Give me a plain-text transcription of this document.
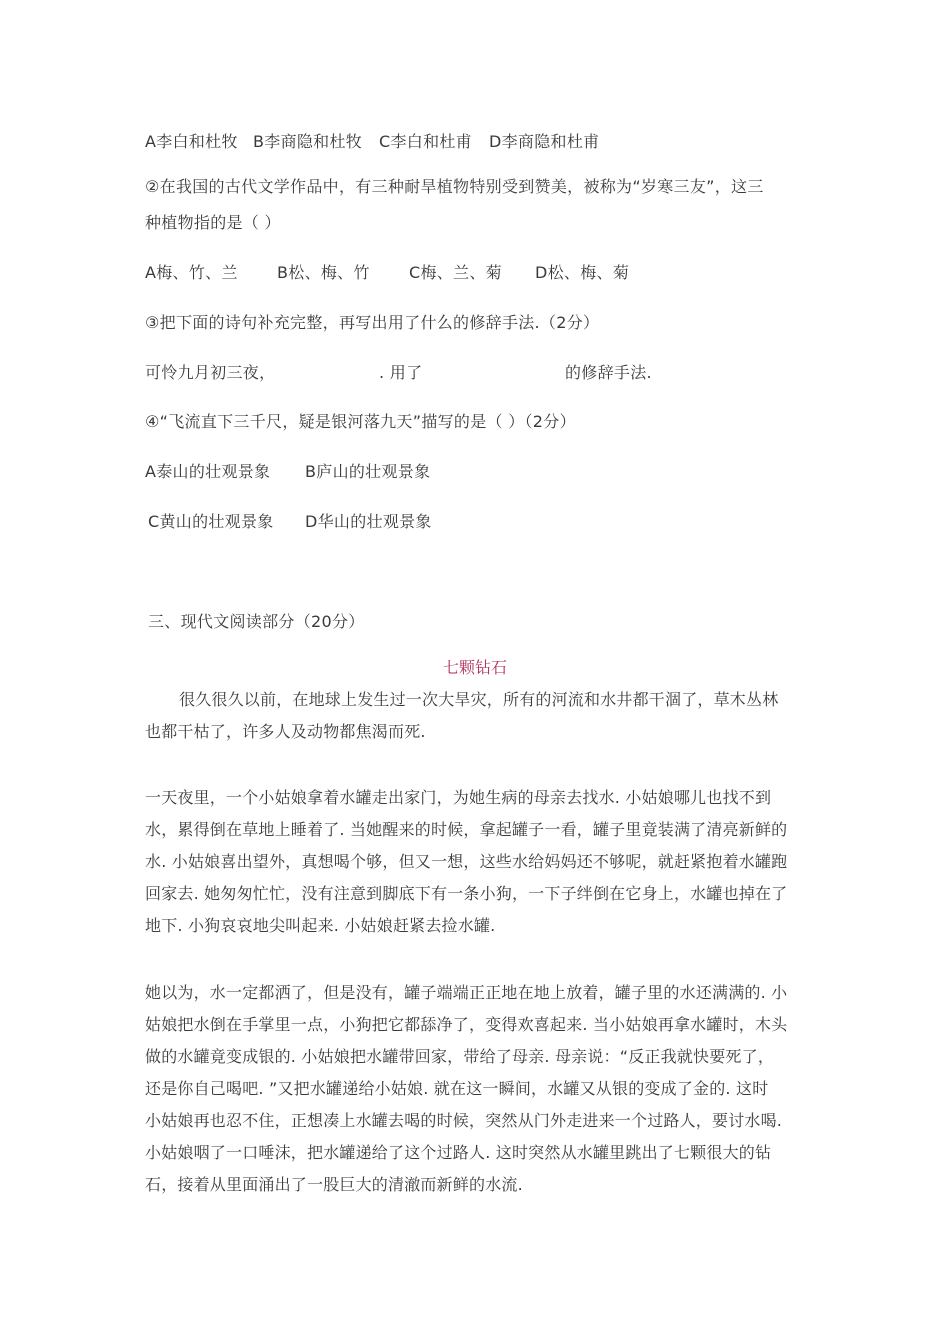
A李白和杜牧 B李商隐和杜牧 C李白和杜甫 D李商隐和杜甫
②在我国的古代文学作品中，有三种耐旱植物特别受到赞美，被称为“岁寒三友”，这三
种植物指的是（ ）
A梅、竹、兰 B松、梅、竹 C梅、兰、菊 D松、梅、菊
③把下面的诗句补充完整，再写出用了什么的修辞手法.（2分）
可怜九月初三夜，	. 用了	的修辞手法.
④“飞流直下三千尺，疑是银河落九天”描写的是（ ）（2分）
A泰山的壮观景象 B庐山的壮观景象
C黄山的壮观景象 D华山的壮观景象
三、现代文阅读部分（20分）
七颗钻石
很久很久以前，在地球上发生过一次大旱灾，所有的河流和水井都干涸了，草木丛林
也都干枯了，许多人及动物都焦渴而死.
一天夜里，一个小姑娘拿着水罐走出家门，为她生病的母亲去找水. 小姑娘哪儿也找不到
水，累得倒在草地上睡着了. 当她醒来的时候，拿起罐子一看，罐子里竟装满了清亮新鲜的
水. 小姑娘喜出望外，真想喝个够，但又一想，这些水给妈妈还不够呢，就赶紧抱着水罐跑
回家去. 她匆匆忙忙，没有注意到脚底下有一条小狗，一下子绊倒在它身上，水罐也掉在了
地下. 小狗哀哀地尖叫起来. 小姑娘赶紧去捡水罐.
她以为，水一定都洒了，但是没有，罐子端端正正地在地上放着，罐子里的水还满满的. 小
姑娘把水倒在手掌里一点，小狗把它都舔净了，变得欢喜起来. 当小姑娘再拿水罐时，木头
做的水罐竟变成银的. 小姑娘把水罐带回家，带给了母亲. 母亲说：“反正我就快要死了，
还是你自己喝吧. ”又把水罐递给小姑娘. 就在这一瞬间，水罐又从银的变成了金的. 这时
小姑娘再也忍不住，正想凑上水罐去喝的时候，突然从门外走进来一个过路人，要讨水喝.
小姑娘咽了一口唾沫，把水罐递给了这个过路人. 这时突然从水罐里跳出了七颗很大的钻
石，接着从里面涌出了一股巨大的清澈而新鲜的水流.
